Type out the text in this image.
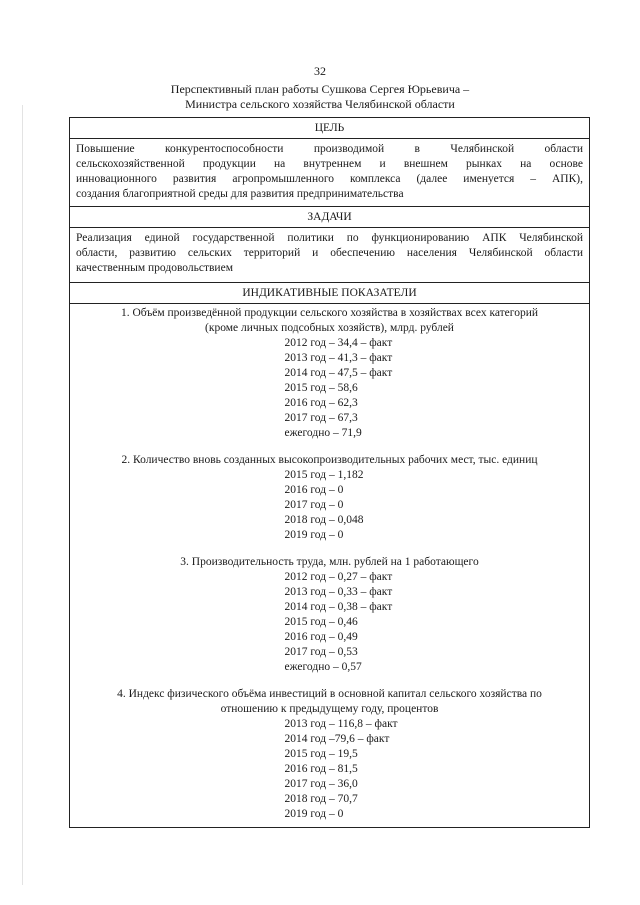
32
Перспективный план работы Сушкова Сергея Юрьевича –
Министра сельского хозяйства Челябинской области
ЦЕЛЬ
Повышение конкурентоспособности производимой в Челябинской области
сельскохозяйственной продукции на внутреннем и внешнем рынках на основе
инновационного развития агропромышленного комплекса (далее именуется – АПК),
создания благоприятной среды для развития предпринимательства
ЗАДАЧИ
Реализация единой государственной политики по функционированию АПК Челябинской
области, развитию сельских территорий и обеспечению населения Челябинской области
качественным продовольствием
ИНДИКАТИВНЫЕ ПОКАЗАТЕЛИ
1. Объём произведённой продукции сельского хозяйства в хозяйствах всех категорий
(кроме личных подсобных хозяйств), млрд. рублей
2012 год – 34,4 – факт
2013 год – 41,3 – факт
2014 год – 47,5 – факт
2015 год – 58,6
2016 год – 62,3
2017 год – 67,3
ежегодно – 71,9
2. Количество вновь созданных высокопроизводительных рабочих мест, тыс. единиц
2015 год – 1,182
2016 год – 0
2017 год – 0
2018 год – 0,048
2019 год – 0
3. Производительность труда, млн. рублей на 1 работающего
2012 год – 0,27 – факт
2013 год – 0,33 – факт
2014 год – 0,38 – факт
2015 год – 0,46
2016 год – 0,49
2017 год – 0,53
ежегодно – 0,57
4. Индекс физического объёма инвестиций в основной капитал сельского хозяйства по
отношению к предыдущему году, процентов
2013 год – 116,8 – факт
2014 год –79,6 – факт
2015 год – 19,5
2016 год – 81,5
2017 год – 36,0
2018 год – 70,7
2019 год – 0
